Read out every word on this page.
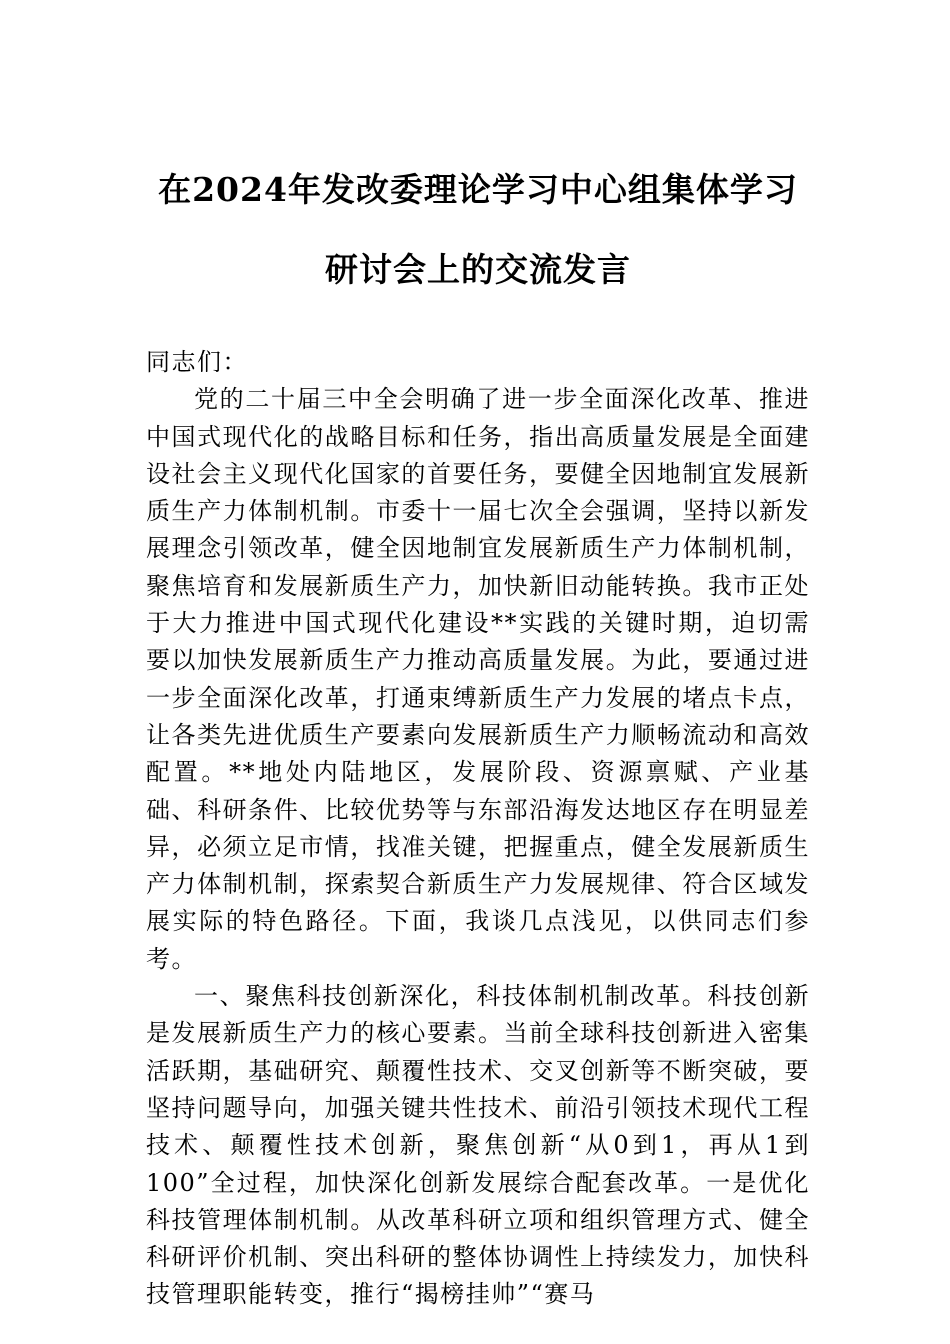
在2024年发改委理论学习中心组集体学习
研讨会上的交流发言

同志们：

党的二十届三中全会明确了进一步全面深化改革、推进中国式现代化的战略目标和任务，指出高质量发展是全面建设社会主义现代化国家的首要任务，要健全因地制宜发展新质生产力体制机制。市委十一届七次全会强调，坚持以新发展理念引领改革，健全因地制宜发展新质生产力体制机制，聚焦培育和发展新质生产力，加快新旧动能转换。我市正处于大力推进中国式现代化建设**实践的关键时期，迫切需要以加快发展新质生产力推动高质量发展。为此，要通过进一步全面深化改革，打通束缚新质生产力发展的堵点卡点，让各类先进优质生产要素向发展新质生产力顺畅流动和高效配置。**地处内陆地区，发展阶段、资源禀赋、产业基础、科研条件、比较优势等与东部沿海发达地区存在明显差异，必须立足市情，找准关键，把握重点，健全发展新质生产力体制机制，探索契合新质生产力发展规律、符合区域发展实际的特色路径。下面，我谈几点浅见，以供同志们参考。

一、聚焦科技创新深化，科技体制机制改革。科技创新是发展新质生产力的核心要素。当前全球科技创新进入密集活跃期，基础研究、颠覆性技术、交叉创新等不断突破，要坚持问题导向，加强关键共性技术、前沿引领技术现代工程技术、颠覆性技术创新，聚焦创新“从0到1，再从1到100”全过程，加快深化创新发展综合配套改革。一是优化科技管理体制机制。从改革科研立项和组织管理方式、健全科研评价机制、突出科研的整体协调性上持续发力，加快科技管理职能转变，推行“揭榜挂帅”“赛马
